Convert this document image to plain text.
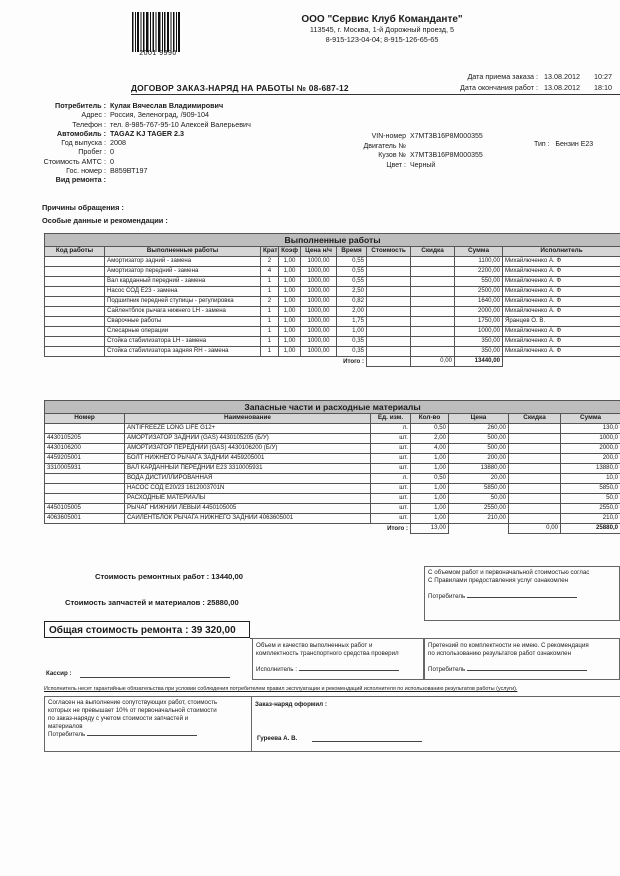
2001 9990
ООО "Сервис Клуб Команданте"
113545, г. Москва, 1-й Дорожный проезд, 5
8-915-123-04-04; 8-915-126-65-65
Дата приема заказа : 13.08.2012	10:27
Дата окончания работ : 13.08.2012	18:10
ДОГОВОР ЗАКАЗ-НАРЯД НА РАБОТЫ № 08-687-12
Потребитель : Кулак Вячеслав Владимирович
Адрес : Россия, Зеленоград, /909-104
Телефон : тел. 8-985-767-95-10 Алексей Валерьевич
Автомобиль : TAGAZ KJ TAGER 2.3
Год выпуска : 2008
Пробег : 0
Стоимость АМТС : 0
Гос. номер : В859ВТ197
Вид ремонта :
VIN-номер X7MT3B16P8M000355
Двигатель №
Кузов № X7MT3B16P8M000355
Цвет : Черный
Тип : Бензин Е23
Причины обращения :
Особые данные и рекомендации :
Выполненные работы									
Код работы	Выполненные работы	Крат	Коэф	Цена н/ч	Время	Стоимость	Скидка	Сумма	Исполнитель
	Амортизатор задний - замена	2	1,00	1000,00	0,55			1100,00	Михайлюченко А. Ф
	Амортизатор передний - замена	4	1,00	1000,00	0,55			2200,00	Михайлюченко А. Ф
	Вал карданный передний - замена	1	1,00	1000,00	0,55			550,00	Михайлюченко А. Ф
	Насос СОД Е23 - замена	1	1,00	1000,00	2,50			2500,00	Михайлюченко А. Ф
	Подшипник передней ступицы - регулировка	2	1,00	1000,00	0,82			1640,00	Михайлюченко А. Ф
	Сайлентблок рычага нижнего LH - замена	1	1,00	1000,00	2,00			2000,00	Михайлюченко А. Ф
	Сварочные работы	1	1,00	1000,00	1,75			1750,00	Яранцев О. В.
	Слесарные операции	1	1,00	1000,00	1,00			1000,00	Михайлюченко А. Ф
	Стойка стабилизатора LH - замена	1	1,00	1000,00	0,35			350,00	Михайлюченко А. Ф
	Стойка стабилизатора задняя RH - замена	1	1,00	1000,00	0,35			350,00	Михайлюченко А. Ф
					Итого :		0,00	13440,00	
Запасные части и расходные материалы						
Номер	Наименование	Ед. изм.	Кол-во	Цена	Скидка	Сумма
	ANTIFREEZE LONG LIFE G12+	л.	0,50	260,00		130,0
4430105205	АМОРТИЗАТОР ЗАДНИЙ (GAS) 4430105205 (Б/У)	шт.	2,00	500,00		1000,0
4430106200	АМОРТИЗАТОР ПЕРЕДНИЙ (GAS) 4430106200 (Б/У)	шт.	4,00	500,00		2000,0
4459205001	БОЛТ НИЖНЕГО РЫЧАГА ЗАДНИЙ 4459205001	шт.	1,00	200,00		200,0
3310005931	ВАЛ КАРДАННЫЙ ПЕРЕДНИЙ Е23 3310005931	шт.	1,00	13880,00		13880,0
	ВОДА ДИСТИЛЛИРОВАННАЯ	л.	0,50	20,00		10,0
	НАСОС СОД Е20/23 1612003701N	шт.	1,00	5850,00		5850,0
	РАСХОДНЫЕ МАТЕРИАЛЫ	шт.	1,00	50,00		50,0
4450105005	РЫЧАГ НИЖНИЙ ЛЕВЫЙ 4450105005	шт.	1,00	2550,00		2550,0
4063605001	САЙЛЕНТБЛОК РЫЧАГА НИЖНЕГО ЗАДНИЙ 4063605001	шт.	1,00	210,00		210,0
		Итого :	13,00		0,00	25880,0
Стоимость ремонтных работ : 13440,00
Стоимость запчастей и материалов : 25880,00
Общая стоимость ремонта : 39 320,00
С объемом работ и первоначальной стоимостью соглас
С Правилами предоставления услуг ознакомлен
Потребитель
Объем и качество выполненных работ и
комплектность транспортного средства проверил
Исполнитель :
Претензий по комплектности не имею. С рекомендация
по использованию результатов работ ознакомлен
Потребитель
Кассир :
Исполнитель несет гарантийные обязательства при условии соблюдения потребителем правил эксплуатации и рекомендаций исполнителя по использованию результатов работы (услуги).
Согласен на выполнение сопутствующих работ, стоимость
которых не превышает 10% от первоначальной стоимости
по заказ-наряду с учетом стоимости запчастей и
материалов
Потребитель
Заказ-наряд оформил :
Гуреева А. В.
